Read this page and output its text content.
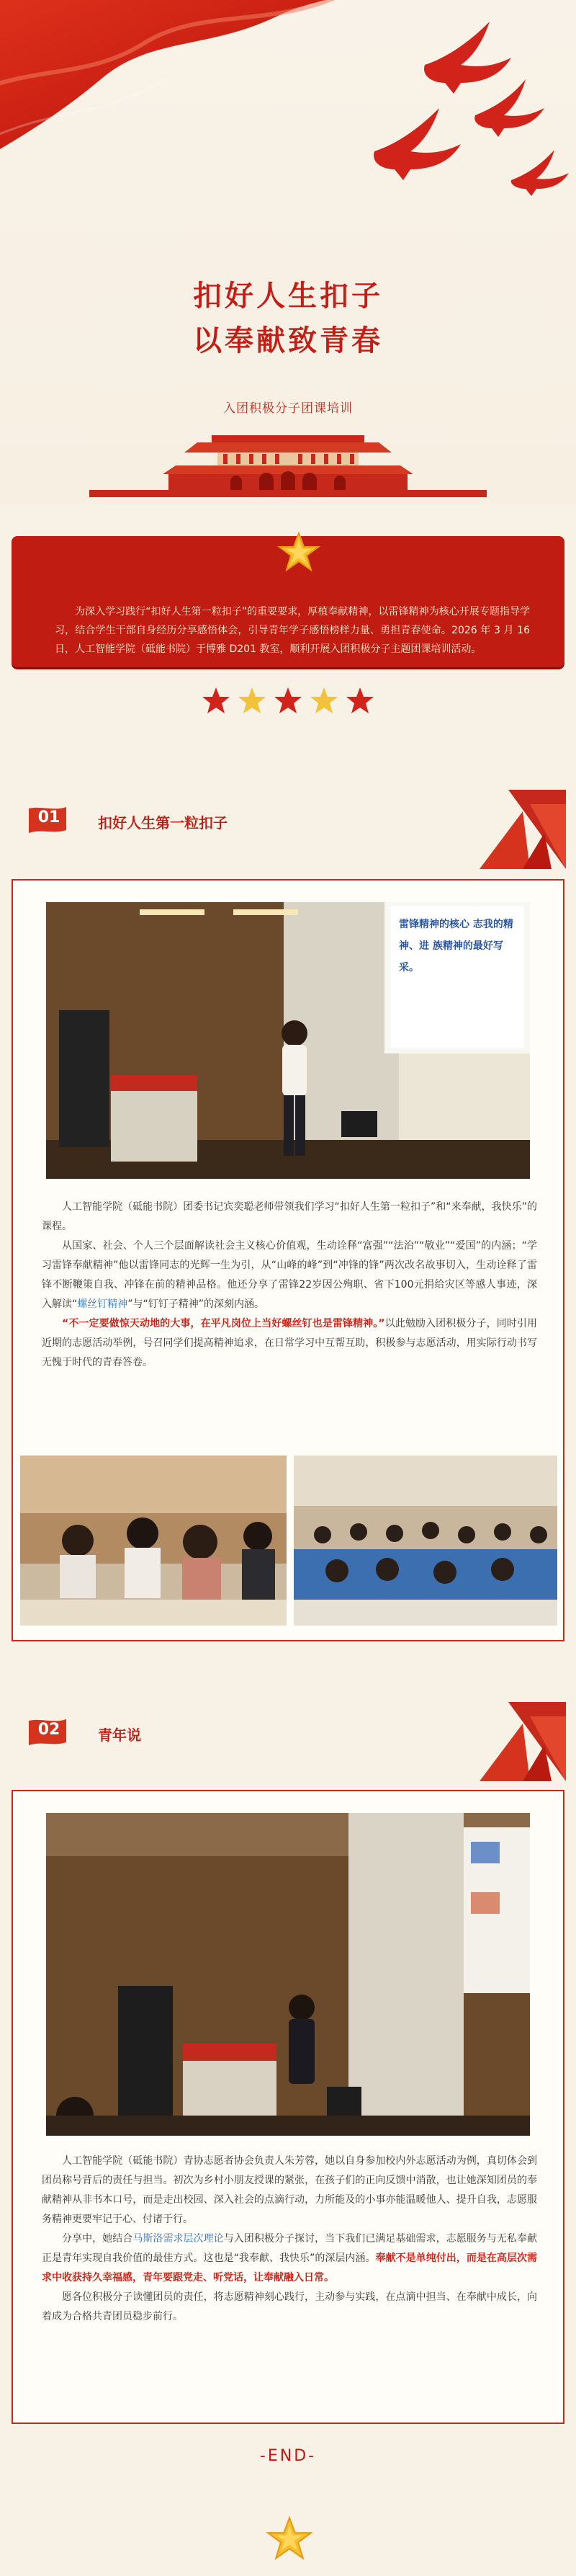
扣好人生扣子
以奉献致青春
入团积极分子团课培训
为深入学习践行“扣好人生第一粒扣子”的重要要求，厚植奉献精神，以雷锋精神为核心开展专题指导学习，结合学生干部自身经历分享感悟体会，引导青年学子感悟榜样力量、勇担青春使命。2026 年 3 月 16 日，人工智能学院（砥能书院）于博雅 D201 教室，顺利开展入团积极分子主题团课培训活动。
01	扣好人生第一粒扣子
雷锋精神的核心 志我的精神、进 族精神的最好写 采。

人工智能学院（砥能书院）团委书记宾奕聪老师带领我们学习“扣好人生第一粒扣子”和“来奉献，我快乐”的课程。

从国家、社会、个人三个层面解读社会主义核心价值观，生动诠释“富强”“法治”“敬业”“爱国”的内涵；“学习雷锋奉献精神”他以雷锋同志的光辉一生为引，从“山峰的峰”到“冲锋的锋”两次改名故事切入，生动诠释了雷锋不断鞭策自我、冲锋在前的精神品格。他还分享了雷锋22岁因公殉职、省下100元捐给灾区等感人事迹，深入解读“螺丝钉精神”与“钉钉子精神”的深刻内涵。

“不一定要做惊天动地的大事，在平凡岗位上当好螺丝钉也是雷锋精神。”以此勉励入团积极分子，同时引用近期的志愿活动举例，号召同学们提高精神追求，在日常学习中互帮互助，积极参与志愿活动，用实际行动书写无愧于时代的青春答卷。

02	青年说

人工智能学院（砥能书院）青协志愿者协会负责人朱芳蓉，她以自身参加校内外志愿活动为例，真切体会到团员称号背后的责任与担当。初次为乡村小朋友授课的紧张，在孩子们的正向反馈中消散，也让她深知团员的奉献精神从非书本口号，而是走出校园、深入社会的点滴行动，力所能及的小事亦能温暖他人、提升自我，志愿服务精神更要牢记于心、付诸于行。

分享中，她结合马斯洛需求层次理论与入团积极分子探讨，当下我们已满足基础需求，志愿服务与无私奉献正是青年实现自我价值的最佳方式。这也是“我奉献、我快乐”的深层内涵。奉献不是单纯付出，而是在高层次需求中收获持久幸福感，青年要跟党走、听党话，让奉献融入日常。

愿各位积极分子读懂团员的责任，将志愿精神刻心践行，主动参与实践，在点滴中担当、在奉献中成长，向着成为合格共青团员稳步前行。

-END-
